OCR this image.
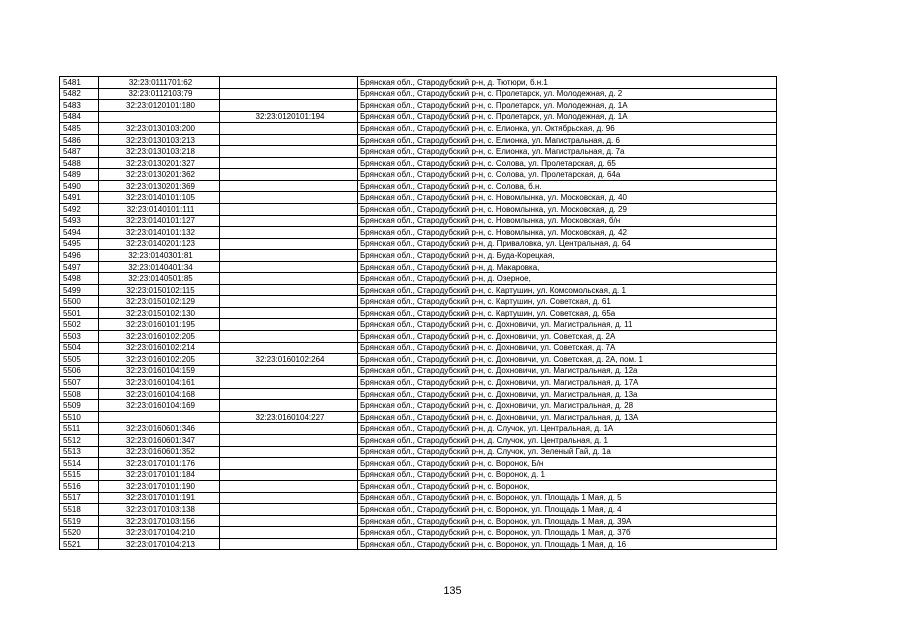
5481	32:23:0111701:62		Брянская обл., Стародубский р-н, д. Тютюри, б.н.1
5482	32:23:0112103:79		Брянская обл., Стародубский р-н, с. Пролетарск, ул. Молодежная, д. 2
5483	32:23:0120101:180		Брянская обл., Стародубский р-н, с. Пролетарск, ул. Молодежная, д. 1А
5484		32:23:0120101:194	Брянская обл., Стародубский р-н, с. Пролетарск, ул. Молодежная, д. 1А
5485	32:23:0130103:200		Брянская обл., Стародубский р-н, с. Елионка, ул. Октябрьская, д. 96
5486	32:23:0130103:213		Брянская обл., Стародубский р-н, с. Елионка, ул. Магистральная, д. 6
5487	32:23:0130103:218		Брянская обл., Стародубский р-н, с. Елионка, ул. Магистральная, д. 7а
5488	32:23:0130201:327		Брянская обл., Стародубский р-н, с. Солова, ул. Пролетарская, д. 65
5489	32:23:0130201:362		Брянская обл., Стародубский р-н, с. Солова, ул. Пролетарская, д. 64а
5490	32:23:0130201:369		Брянская обл., Стародубский р-н, с. Солова, б.н.
5491	32:23:0140101:105		Брянская обл., Стародубский р-н, с. Новомлынка, ул. Московская, д. 40
5492	32:23:0140101:111		Брянская обл., Стародубский р-н, с. Новомлынка, ул. Московская, д. 29
5493	32:23:0140101:127		Брянская обл., Стародубский р-н, с. Новомлынка, ул. Московская, б/н
5494	32:23:0140101:132		Брянская обл., Стародубский р-н, с. Новомлынка, ул. Московская, д. 42
5495	32:23:0140201:123		Брянская обл., Стародубский р-н, д. Приваловка, ул. Центральная, д. 64
5496	32:23:0140301:81		Брянская обл., Стародубский р-н, д. Буда-Корецкая,
5497	32:23:0140401:34		Брянская обл., Стародубский р-н, д. Макаровка,
5498	32:23:0140501:85		Брянская обл., Стародубский р-н, д. Озерное,
5499	32:23:0150102:115		Брянская обл., Стародубский р-н, с. Картушин, ул. Комсомольская, д. 1
5500	32:23:0150102:129		Брянская обл., Стародубский р-н, с. Картушин, ул. Советская, д. 61
5501	32:23:0150102:130		Брянская обл., Стародубский р-н, с. Картушин, ул. Советская, д. 65а
5502	32:23:0160101:195		Брянская обл., Стародубский р-н, с. Дохновичи, ул. Магистральная, д. 11
5503	32:23:0160102:205		Брянская обл., Стародубский р-н, с. Дохновичи, ул. Советская, д. 2А
5504	32:23:0160102:214		Брянская обл., Стародубский р-н, с. Дохновичи, ул. Советская, д. 7А
5505	32:23:0160102:205	32:23:0160102:264	Брянская обл., Стародубский р-н, с. Дохновичи, ул. Советская, д. 2А, пом. 1
5506	32:23:0160104:159		Брянская обл., Стародубский р-н, с. Дохновичи, ул. Магистральная, д. 12а
5507	32:23:0160104:161		Брянская обл., Стародубский р-н, с. Дохновичи, ул. Магистральная, д. 17А
5508	32:23:0160104:168		Брянская обл., Стародубский р-н, с. Дохновичи, ул. Магистральная, д. 13а
5509	32:23:0160104:169		Брянская обл., Стародубский р-н, с. Дохновичи, ул. Магистральная, д. 28
5510		32:23:0160104:227	Брянская обл., Стародубский р-н, с. Дохновичи, ул. Магистральная, д. 13А
5511	32:23:0160601:346		Брянская обл., Стародубский р-н, д. Случок, ул. Центральная, д. 1А
5512	32:23:0160601:347		Брянская обл., Стародубский р-н, д. Случок, ул. Центральная, д. 1
5513	32:23:0160601:352		Брянская обл., Стародубский р-н, д. Случок, ул. Зеленый Гай, д. 1а
5514	32:23:0170101:176		Брянская обл., Стародубский р-н, с. Воронок, Б/н
5515	32:23:0170101:184		Брянская обл., Стародубский р-н, с. Воронок, д. 1
5516	32:23:0170101:190		Брянская обл., Стародубский р-н, с. Воронок,
5517	32:23:0170101:191		Брянская обл., Стародубский р-н, с. Воронок, ул. Площадь 1 Мая, д. 5
5518	32:23:0170103:138		Брянская обл., Стародубский р-н, с. Воронок, ул. Площадь 1 Мая, д. 4
5519	32:23:0170103:156		Брянская обл., Стародубский р-н, с. Воронок, ул. Площадь 1 Мая, д. 39А
5520	32:23:0170104:210		Брянская обл., Стародубский р-н, с. Воронок, ул. Площадь 1 Мая, д. 37б
5521	32:23:0170104:213		Брянская обл., Стародубский р-н, с. Воронок, ул. Площадь 1 Мая, д. 16
135
